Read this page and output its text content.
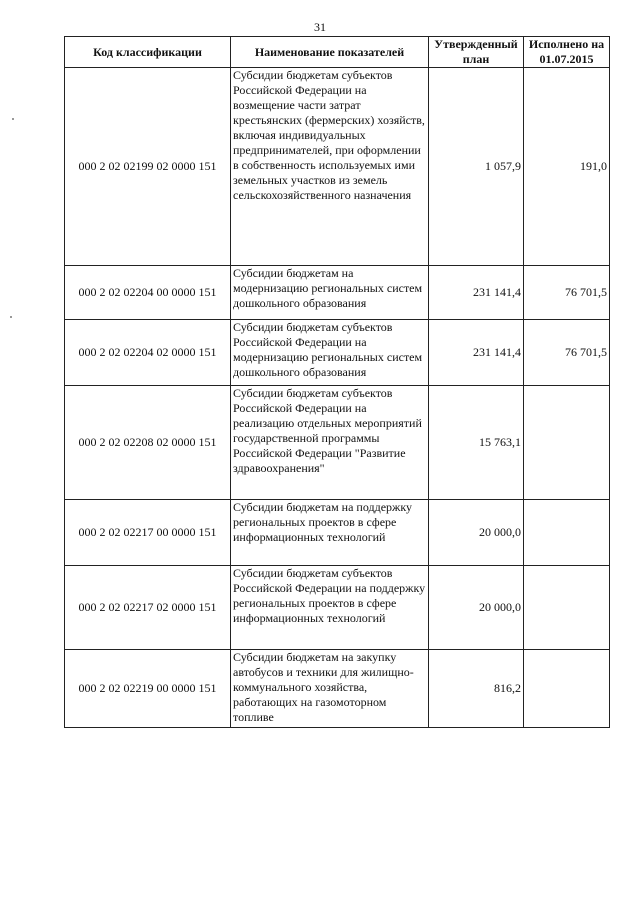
31
Код классификации	Наименование показателей	Утвержденный план	Исполнено на 01.07.2015
000 2 02 02199 02 0000 151	Субсидии бюджетам субъектов Российской Федерации на возмещение части затрат крестьянских (фермерских) хозяйств, включая индивидуальных предпринимателей, при оформлении в собственность используемых ими земельных участков из земель сельскохозяйственного назначения	1 057,9	191,0
000 2 02 02204 00 0000 151	Субсидии бюджетам на модернизацию региональных систем дошкольного образования	231 141,4	76 701,5
000 2 02 02204 02 0000 151	Субсидии бюджетам субъектов Российской Федерации на модернизацию региональных систем дошкольного образования	231 141,4	76 701,5
000 2 02 02208 02 0000 151	Субсидии бюджетам субъектов Российской Федерации на реализацию отдельных мероприятий государственной программы Российской Федерации "Развитие здравоохранения"	15 763,1	
000 2 02 02217 00 0000 151	Субсидии бюджетам на поддержку региональных проектов в сфере информационных технологий	20 000,0	
000 2 02 02217 02 0000 151	Субсидии бюджетам субъектов Российской Федерации на поддержку региональных проектов в сфере информационных технологий	20 000,0	
000 2 02 02219 00 0000 151	Субсидии бюджетам на закупку автобусов и техники для жилищно-коммунального хозяйства, работающих на газомоторном топливе	816,2	
